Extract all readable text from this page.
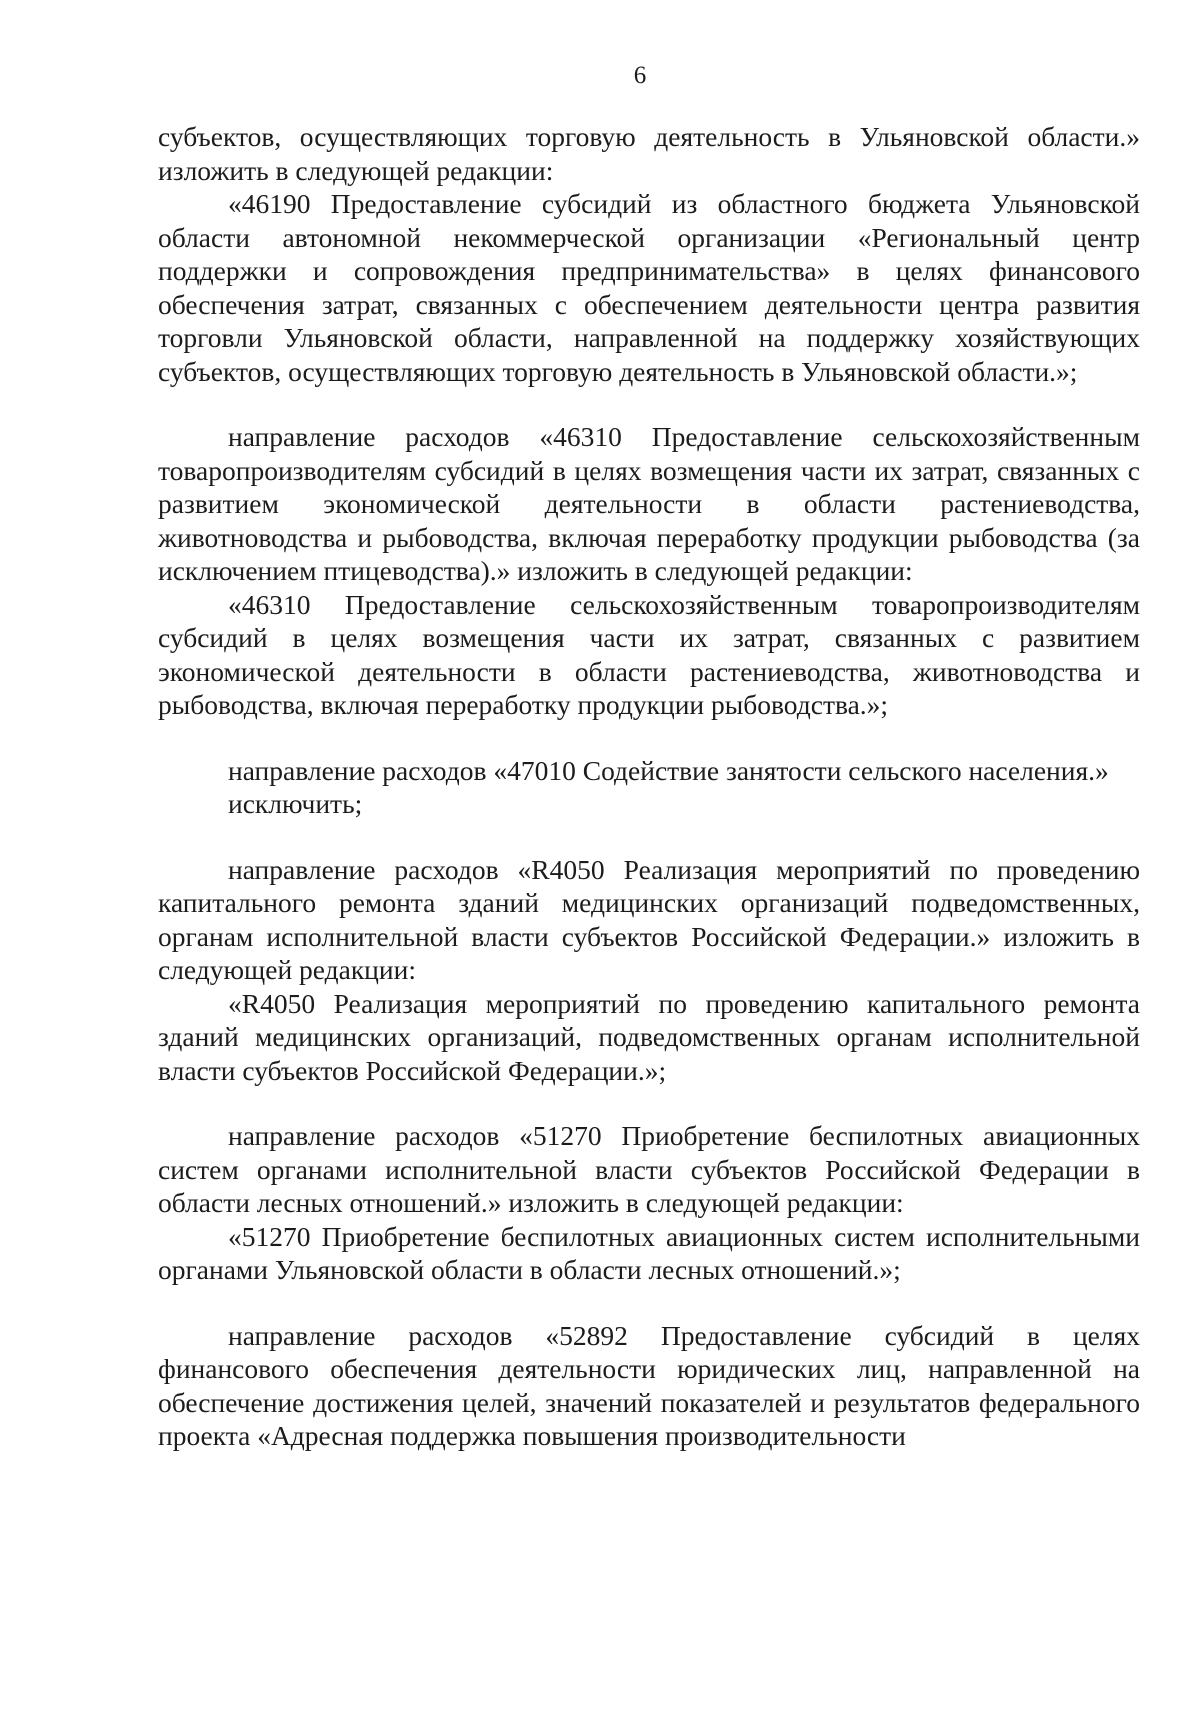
6

субъектов, осуществляющих торговую деятельность в Ульяновской области.» изложить в следующей редакции:

«46190 Предоставление субсидий из областного бюджета Ульяновской области автономной некоммерческой организации «Региональный центр поддержки и сопровождения предпринимательства» в целях финансового обеспечения затрат, связанных с обеспечением деятельности центра развития торговли Ульяновской области, направленной на поддержку хозяйствующих субъектов, осуществляющих торговую деятельность в Ульяновской области.»;

направление расходов «46310 Предоставление сельскохозяйственным товаропроизводителям субсидий в целях возмещения части их затрат, связанных с развитием экономической деятельности в области растениеводства, животноводства и рыбоводства, включая переработку продукции рыбоводства (за исключением птицеводства).» изложить в следующей редакции:

«46310 Предоставление сельскохозяйственным товаропроизводителям субсидий в целях возмещения части их затрат, связанных с развитием экономической деятельности в области растениеводства, животноводства и рыбоводства, включая переработку продукции рыбоводства.»;

направление расходов «47010 Содействие занятости сельского населения.»

исключить;

направление расходов «R4050 Реализация мероприятий по проведению капитального ремонта зданий медицинских организаций подведомственных, органам исполнительной власти субъектов Российской Федерации.» изложить в следующей редакции:

«R4050 Реализация мероприятий по проведению капитального ремонта зданий медицинских организаций, подведомственных органам исполнительной власти субъектов Российской Федерации.»;

направление расходов «51270 Приобретение беспилотных авиационных систем органами исполнительной власти субъектов Российской Федерации в области лесных отношений.» изложить в следующей редакции:

«51270 Приобретение беспилотных авиационных систем исполнительными органами Ульяновской области в области лесных отношений.»;

направление расходов «52892 Предоставление субсидий в целях финансового обеспечения деятельности юридических лиц, направленной на обеспечение достижения целей, значений показателей и результатов федерального проекта «Адресная поддержка повышения производительности
